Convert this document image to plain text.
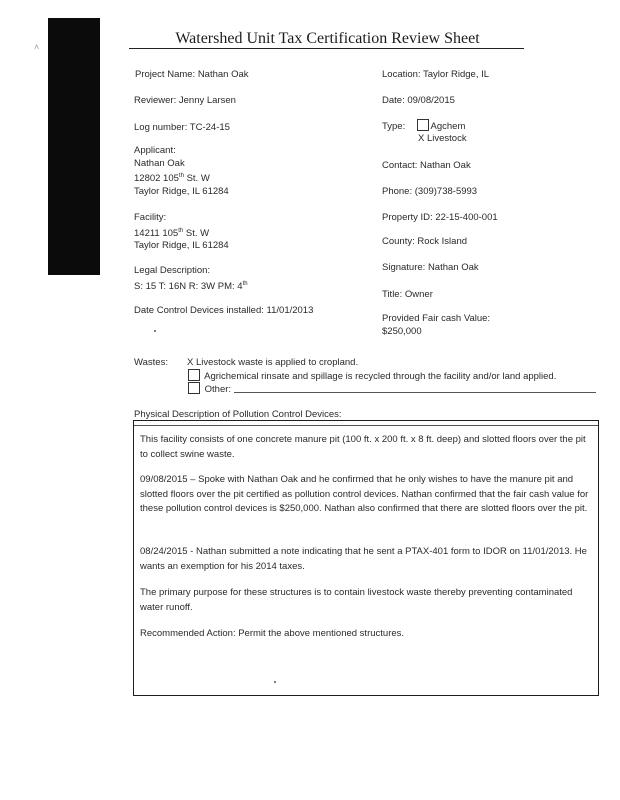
˄	Watershed Unit Tax Certification Review Sheet
Project Name: Nathan Oak
Reviewer: Jenny Larsen
Log number: TC-24-15
Applicant:
Nathan Oak
12802 105th St. W
Taylor Ridge, IL 61284
Facility:
14211 105th St. W
Taylor Ridge, IL 61284
Legal Description:
S: 15 T: 16N R: 3W PM: 4th
Date Control Devices installed: 11/01/2013
Location: Taylor Ridge, IL
Date: 09/08/2015
Type:	Agchem
X Livestock
Contact: Nathan Oak
Phone: (309)738-5993
Property ID: 22-15-400-001
County: Rock Island
Signature: Nathan Oak
Title: Owner
Provided Fair cash Value:
$250,000
Wastes: X Livestock waste is applied to cropland.
Agrichemical rinsate and spillage is recycled through the facility and/or land applied.
Other:
Physical Description of Pollution Control Devices:
This facility consists of one concrete manure pit (100 ft. x 200 ft. x 8 ft. deep) and slotted floors over the pit to collect swine waste.
09/08/2015 – Spoke with Nathan Oak and he confirmed that he only wishes to have the manure pit and slotted floors over the pit certified as pollution control devices. Nathan confirmed that the fair cash value for these pollution control devices is $250,000. Nathan also confirmed that there are slotted floors over the pit.
08/24/2015 - Nathan submitted a note indicating that he sent a PTAX-401 form to IDOR on 11/01/2013. He wants an exemption for his 2014 taxes.
The primary purpose for these structures is to contain livestock waste thereby preventing contaminated water runoff.
Recommended Action: Permit the above mentioned structures.
